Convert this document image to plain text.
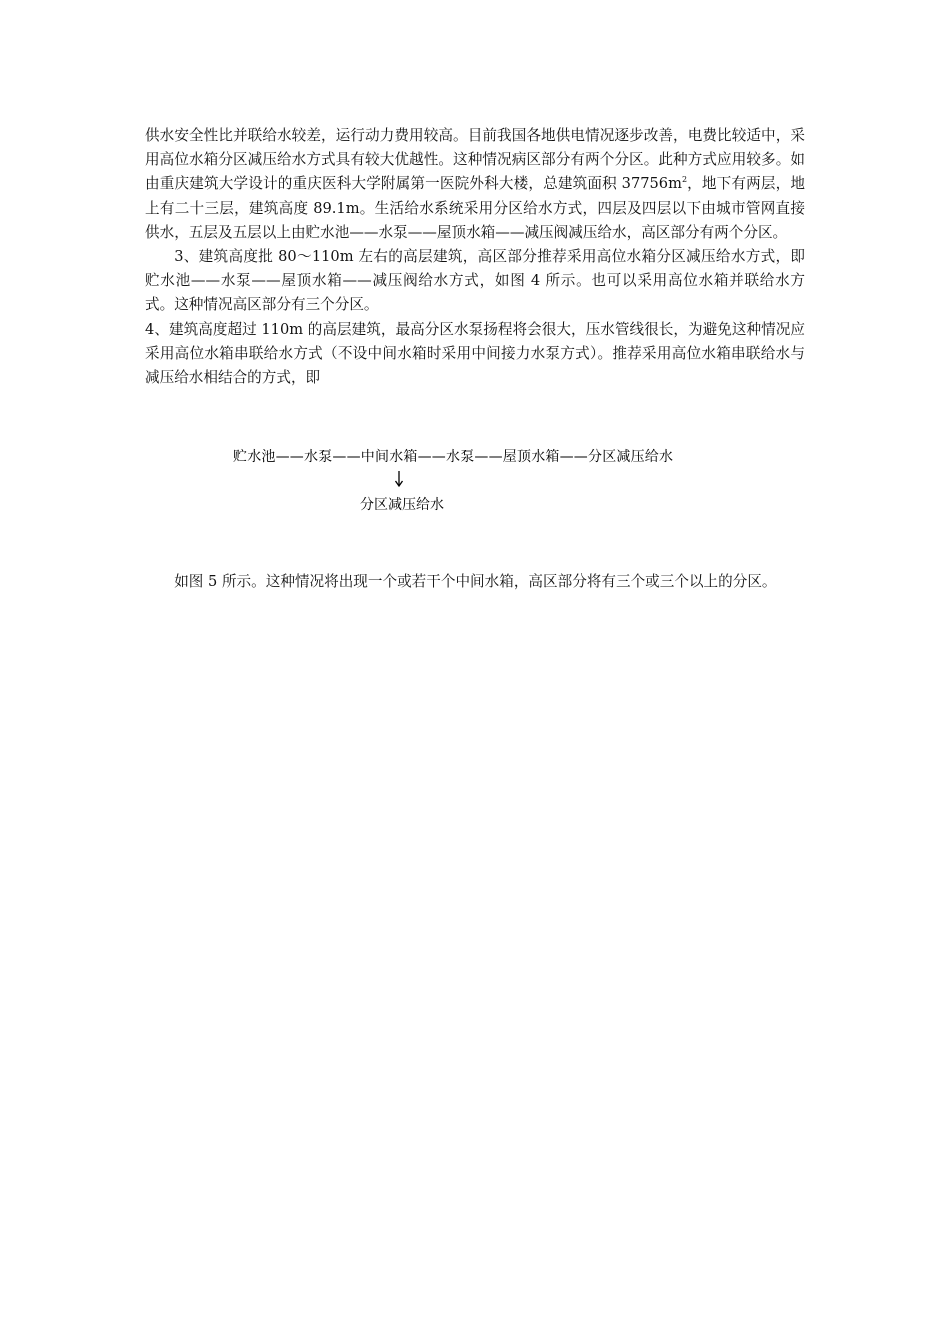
供水安全性比并联给水较差，运行动力费用较高。目前我国各地供电情况逐步改善，电费比较适中，采用高位水箱分区减压给水方式具有较大优越性。这种情况病区部分有两个分区。此种方式应用较多。如由重庆建筑大学设计的重庆医科大学附属第一医院外科大楼，总建筑面积 $37756m^2$，地下有两层，地上有二十三层，建筑高度 89.1m。生活给水系统采用分区给水方式，四层及四层以下由城市管网直接供水，五层及五层以上由贮水池——水泵——屋顶水箱——减压阀减压给水，高区部分有两个分区。

3、建筑高度批 80～110m 左右的高层建筑，高区部分推荐采用高位水箱分区减压给水方式，即贮水池——水泵——屋顶水箱——减压阀给水方式，如图 4 所示。也可以采用高位水箱并联给水方式。这种情况高区部分有三个分区。

4、建筑高度超过 110m 的高层建筑，最高分区水泵扬程将会很大，压水管线很长，为避免这种情况应采用高位水箱串联给水方式（不设中间水箱时采用中间接力水泵方式）。推荐采用高位水箱串联给水与减压给水相结合的方式，即

贮水池——水泵——中间水箱——水泵——屋顶水箱——分区减压给水
分区减压给水

如图 5 所示。这种情况将出现一个或若干个中间水箱，高区部分将有三个或三个以上的分区。
